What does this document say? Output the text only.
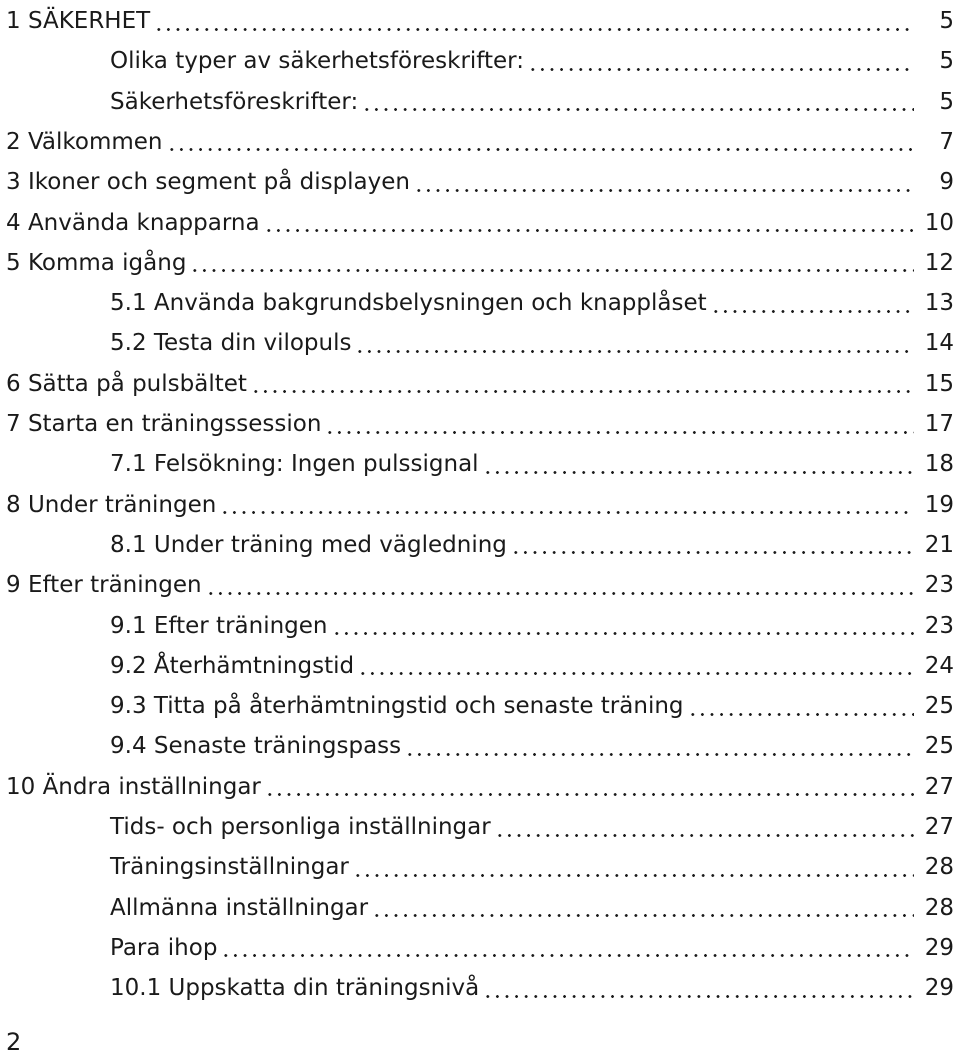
1 SÄKERHET	5
Olika typer av säkerhetsföreskrifter:	5
Säkerhetsföreskrifter:	5
2 Välkommen	7
3 Ikoner och segment på displayen	9
4 Använda knapparna	10
5 Komma igång	12
5.1 Använda bakgrundsbelysningen och knapplåset	13
5.2 Testa din vilopuls	14
6 Sätta på pulsbältet	15
7 Starta en träningssession	17
7.1 Felsökning: Ingen pulssignal	18
8 Under träningen	19
8.1 Under träning med vägledning	21
9 Efter träningen	23
9.1 Efter träningen	23
9.2 Återhämtningstid	24
9.3 Titta på återhämtningstid och senaste träning	25
9.4 Senaste träningspass	25
10 Ändra inställningar	27
Tids- och personliga inställningar	27
Träningsinställningar	28
Allmänna inställningar	28
Para ihop	29
10.1 Uppskatta din träningsnivå	29
2
